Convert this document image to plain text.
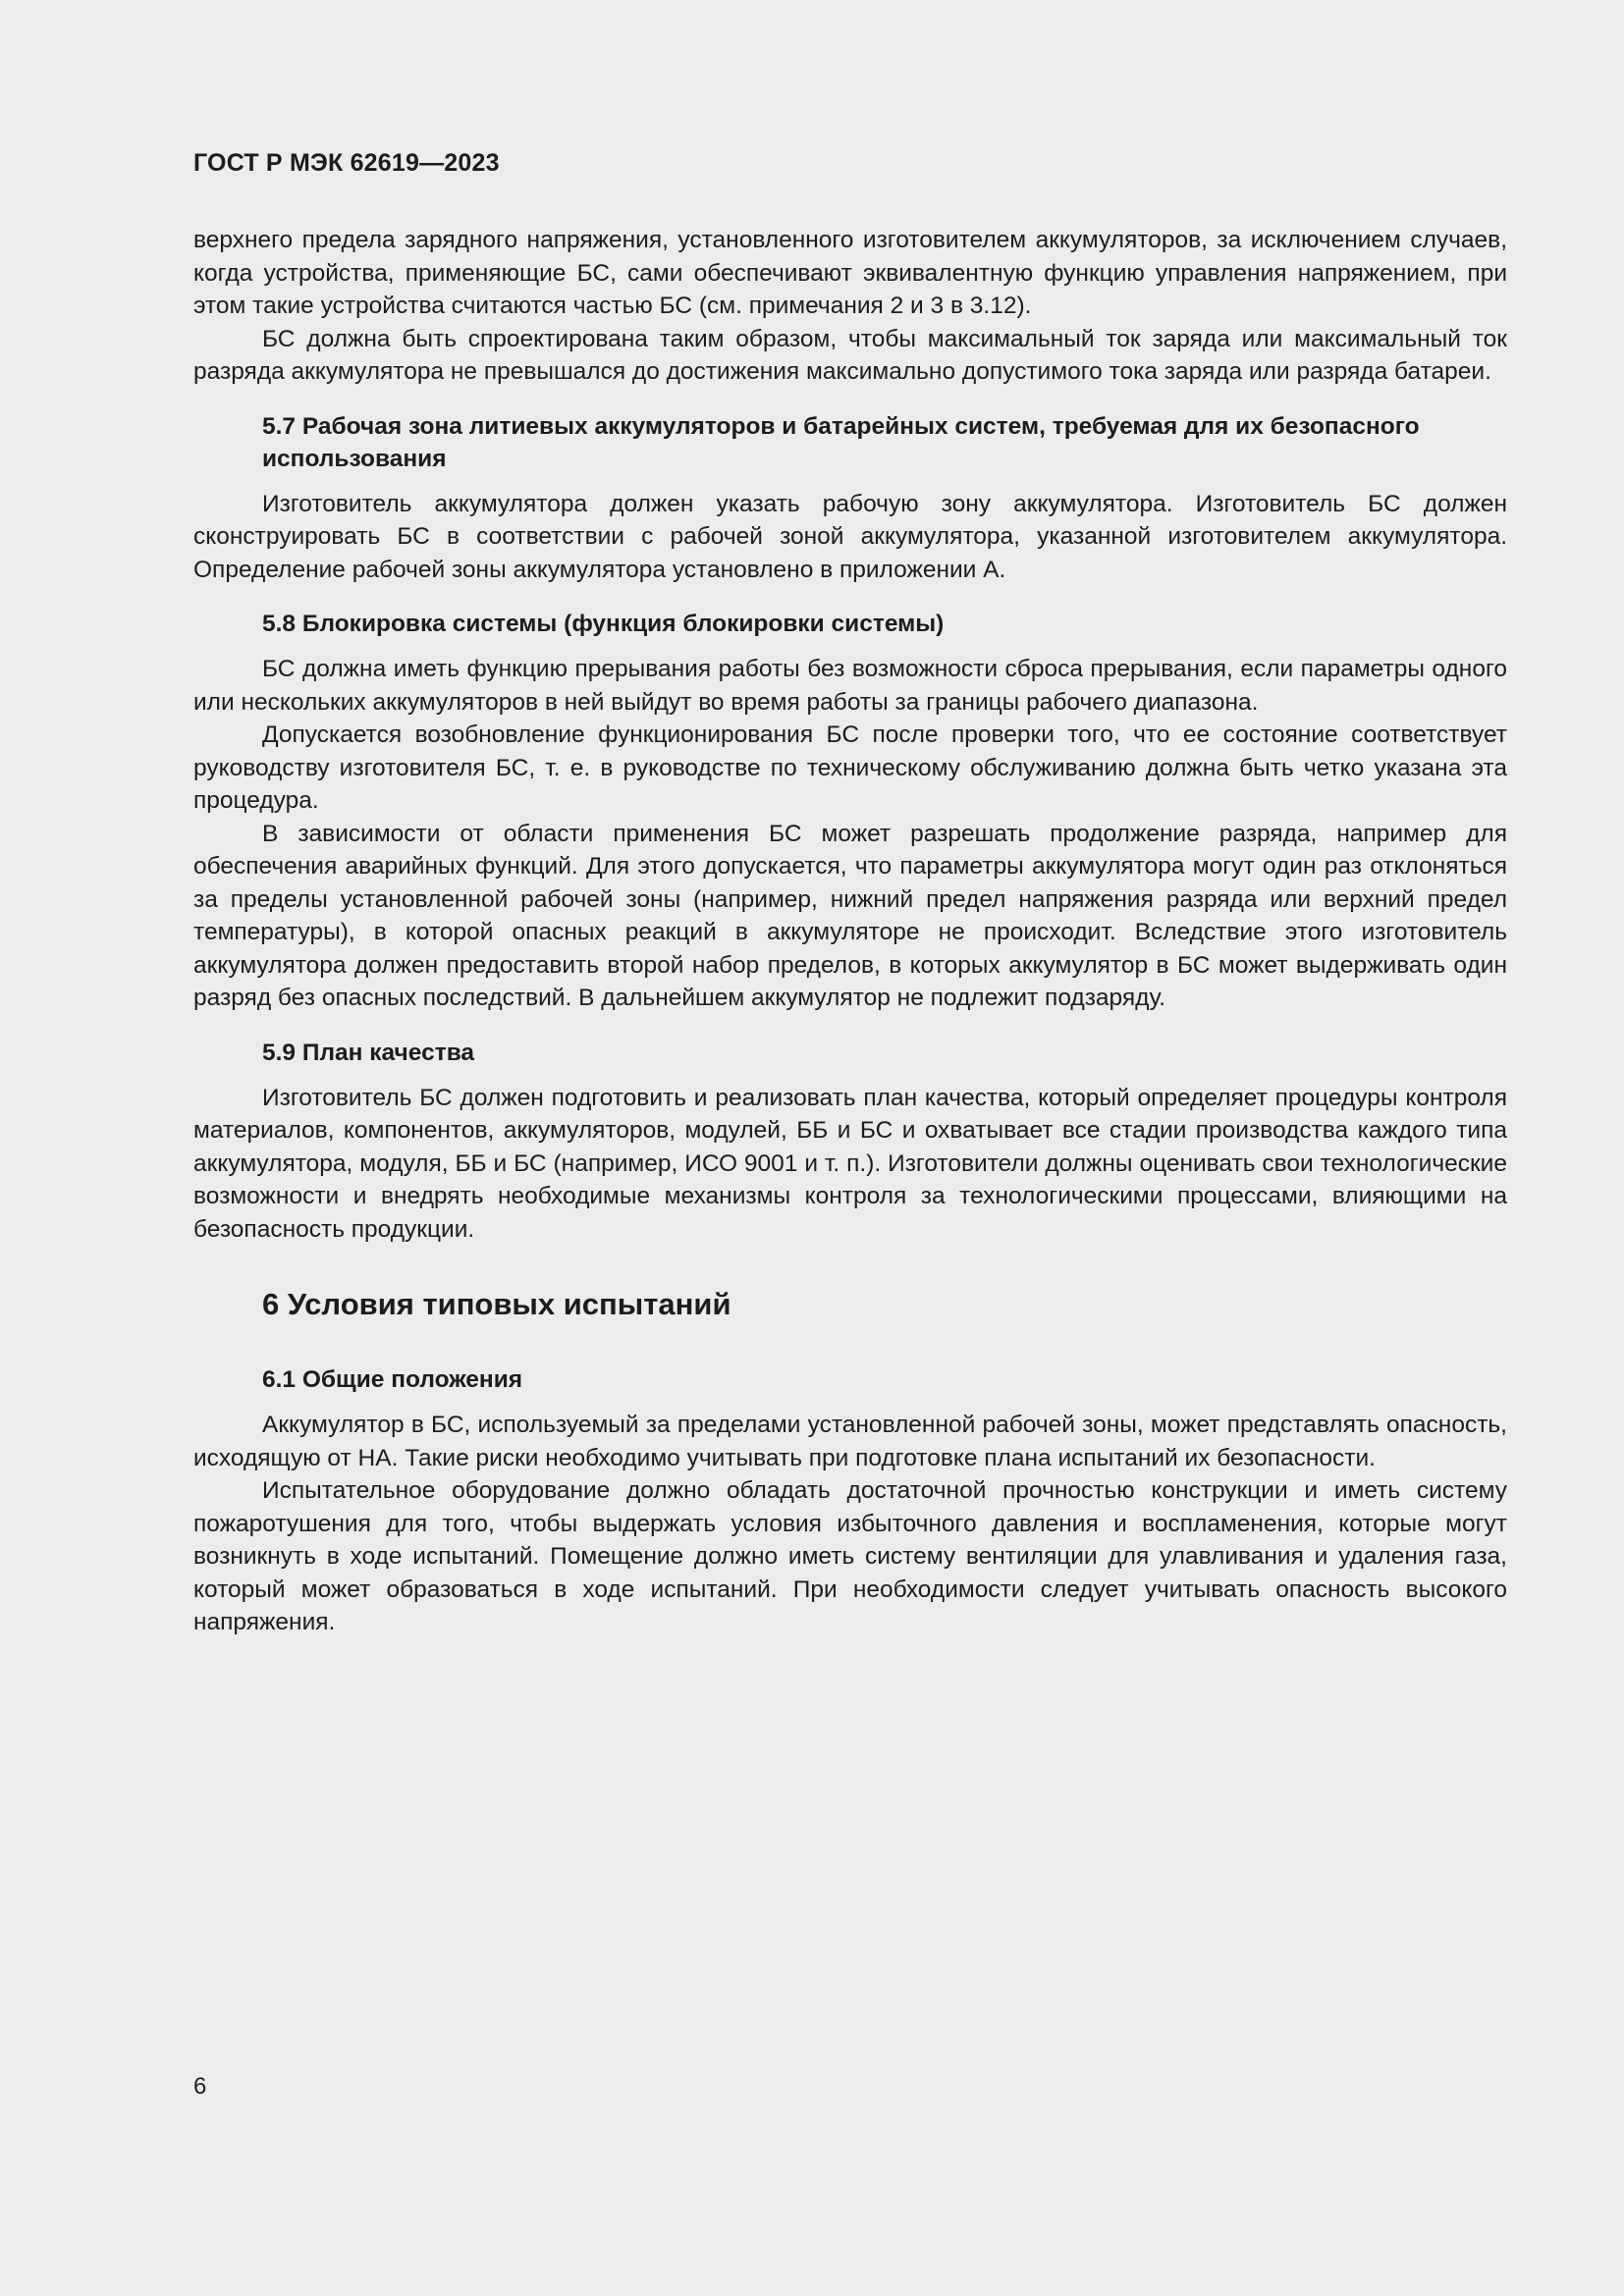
ГОСТ Р МЭК 62619—2023

верхнего предела зарядного напряжения, установленного изготовителем аккумуляторов, за исключением случаев, когда устройства, применяющие БС, сами обеспечивают эквивалентную функцию управления напряжением, при этом такие устройства считаются частью БС (см. примечания 2 и 3 в 3.12).

БС должна быть спроектирована таким образом, чтобы максимальный ток заряда или максимальный ток разряда аккумулятора не превышался до достижения максимально допустимого тока заряда или разряда батареи.

5.7 Рабочая зона литиевых аккумуляторов и батарейных систем, требуемая для их безопасного использования

Изготовитель аккумулятора должен указать рабочую зону аккумулятора. Изготовитель БС должен сконструировать БС в соответствии с рабочей зоной аккумулятора, указанной изготовителем аккумулятора. Определение рабочей зоны аккумулятора установлено в приложении А.

5.8 Блокировка системы (функция блокировки системы)

БС должна иметь функцию прерывания работы без возможности сброса прерывания, если параметры одного или нескольких аккумуляторов в ней выйдут во время работы за границы рабочего диапазона.

Допускается возобновление функционирования БС после проверки того, что ее состояние соответствует руководству изготовителя БС, т. е. в руководстве по техническому обслуживанию должна быть четко указана эта процедура.

В зависимости от области применения БС может разрешать продолжение разряда, например для обеспечения аварийных функций. Для этого допускается, что параметры аккумулятора могут один раз отклоняться за пределы установленной рабочей зоны (например, нижний предел напряжения разряда или верхний предел температуры), в которой опасных реакций в аккумуляторе не происходит. Вследствие этого изготовитель аккумулятора должен предоставить второй набор пределов, в которых аккумулятор в БС может выдерживать один разряд без опасных последствий. В дальнейшем аккумулятор не подлежит подзаряду.

5.9 План качества

Изготовитель БС должен подготовить и реализовать план качества, который определяет процедуры контроля материалов, компонентов, аккумуляторов, модулей, ББ и БС и охватывает все стадии производства каждого типа аккумулятора, модуля, ББ и БС (например, ИСО 9001 и т. п.). Изготовители должны оценивать свои технологические возможности и внедрять необходимые механизмы контроля за технологическими процессами, влияющими на безопасность продукции.

6 Условия типовых испытаний
6.1 Общие положения

Аккумулятор в БС, используемый за пределами установленной рабочей зоны, может представлять опасность, исходящую от НА. Такие риски необходимо учитывать при подготовке плана испытаний их безопасности.

Испытательное оборудование должно обладать достаточной прочностью конструкции и иметь систему пожаротушения для того, чтобы выдержать условия избыточного давления и воспламенения, которые могут возникнуть в ходе испытаний. Помещение должно иметь систему вентиляции для улавливания и удаления газа, который может образоваться в ходе испытаний. При необходимости следует учитывать опасность высокого напряжения.

6
